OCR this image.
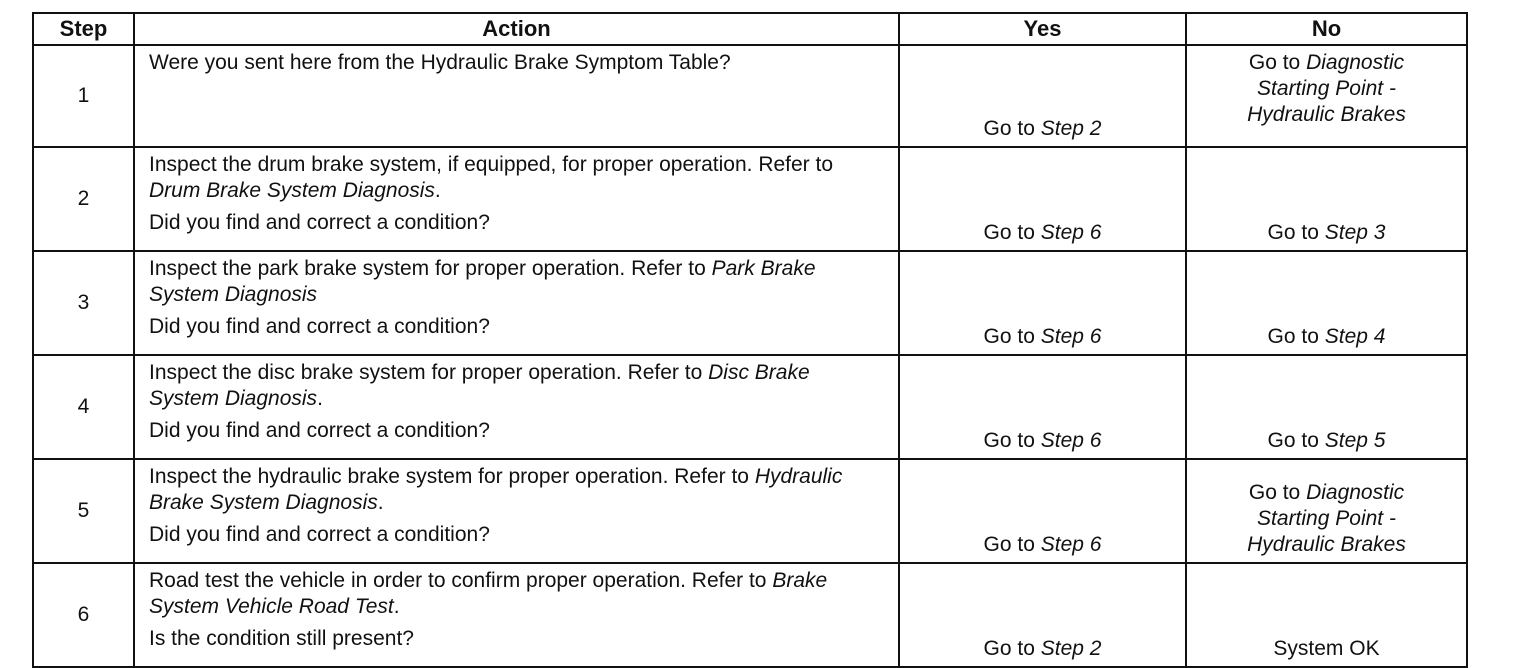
Step	Action	Yes	No
1	Were you sent here from the Hydraulic Brake Symptom Table?	Go to Step 2	Go to Diagnostic
Starting Point -
Hydraulic Brakes

2	Inspect the drum brake system, if equipped, for proper operation. Refer to Drum Brake System Diagnosis.
Did you find and correct a condition?	Go to Step 6	Go to Step 3
3	Inspect the park brake system for proper operation. Refer to Park Brake System Diagnosis
Did you find and correct a condition?	Go to Step 6	Go to Step 4
4	Inspect the disc brake system for proper operation. Refer to Disc Brake System Diagnosis.
Did you find and correct a condition?	Go to Step 6	Go to Step 5
5	Inspect the hydraulic brake system for proper operation. Refer to Hydraulic Brake System Diagnosis.
Did you find and correct a condition?	Go to Step 6	Go to Diagnostic
Starting Point -
Hydraulic Brakes

6	Road test the vehicle in order to confirm proper operation. Refer to Brake System Vehicle Road Test.
Is the condition still present?	Go to Step 2	System OK
